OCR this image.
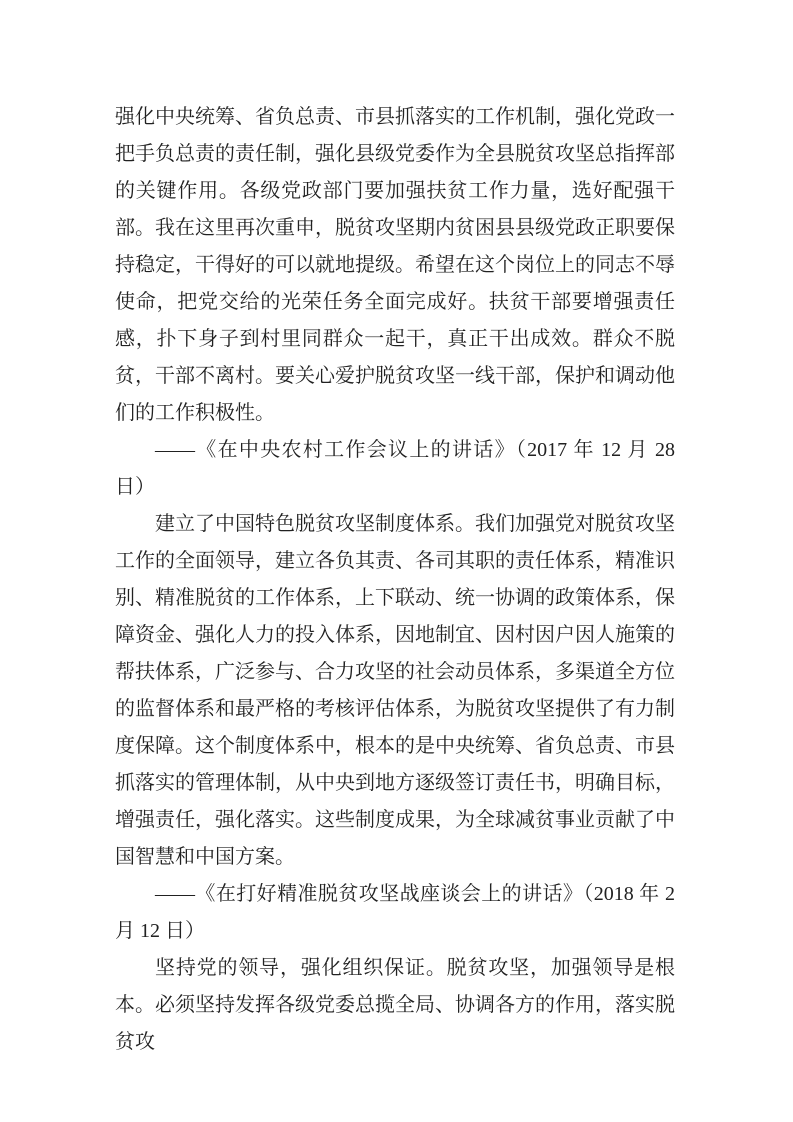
强化中央统筹、省负总责、市县抓落实的工作机制，强化党政一把手负总责的责任制，强化县级党委作为全县脱贫攻坚总指挥部的关键作用。各级党政部门要加强扶贫工作力量，选好配强干部。我在这里再次重申，脱贫攻坚期内贫困县县级党政正职要保持稳定，干得好的可以就地提级。希望在这个岗位上的同志不辱使命，把党交给的光荣任务全面完成好。扶贫干部要增强责任感，扑下身子到村里同群众一起干，真正干出成效。群众不脱贫，干部不离村。要关心爱护脱贫攻坚一线干部，保护和调动他们的工作积极性。

——《在中央农村工作会议上的讲话》（2017 年 12 月 28 日）

建立了中国特色脱贫攻坚制度体系。我们加强党对脱贫攻坚工作的全面领导，建立各负其责、各司其职的责任体系，精准识别、精准脱贫的工作体系，上下联动、统一协调的政策体系，保障资金、强化人力的投入体系，因地制宜、因村因户因人施策的帮扶体系，广泛参与、合力攻坚的社会动员体系，多渠道全方位的监督体系和最严格的考核评估体系，为脱贫攻坚提供了有力制度保障。这个制度体系中，根本的是中央统筹、省负总责、市县抓落实的管理体制，从中央到地方逐级签订责任书，明确目标，增强责任，强化落实。这些制度成果，为全球减贫事业贡献了中国智慧和中国方案。

——《在打好精准脱贫攻坚战座谈会上的讲话》（2018 年 2 月 12 日）

坚持党的领导，强化组织保证。脱贫攻坚，加强领导是根本。必须坚持发挥各级党委总揽全局、协调各方的作用，落实脱贫攻
